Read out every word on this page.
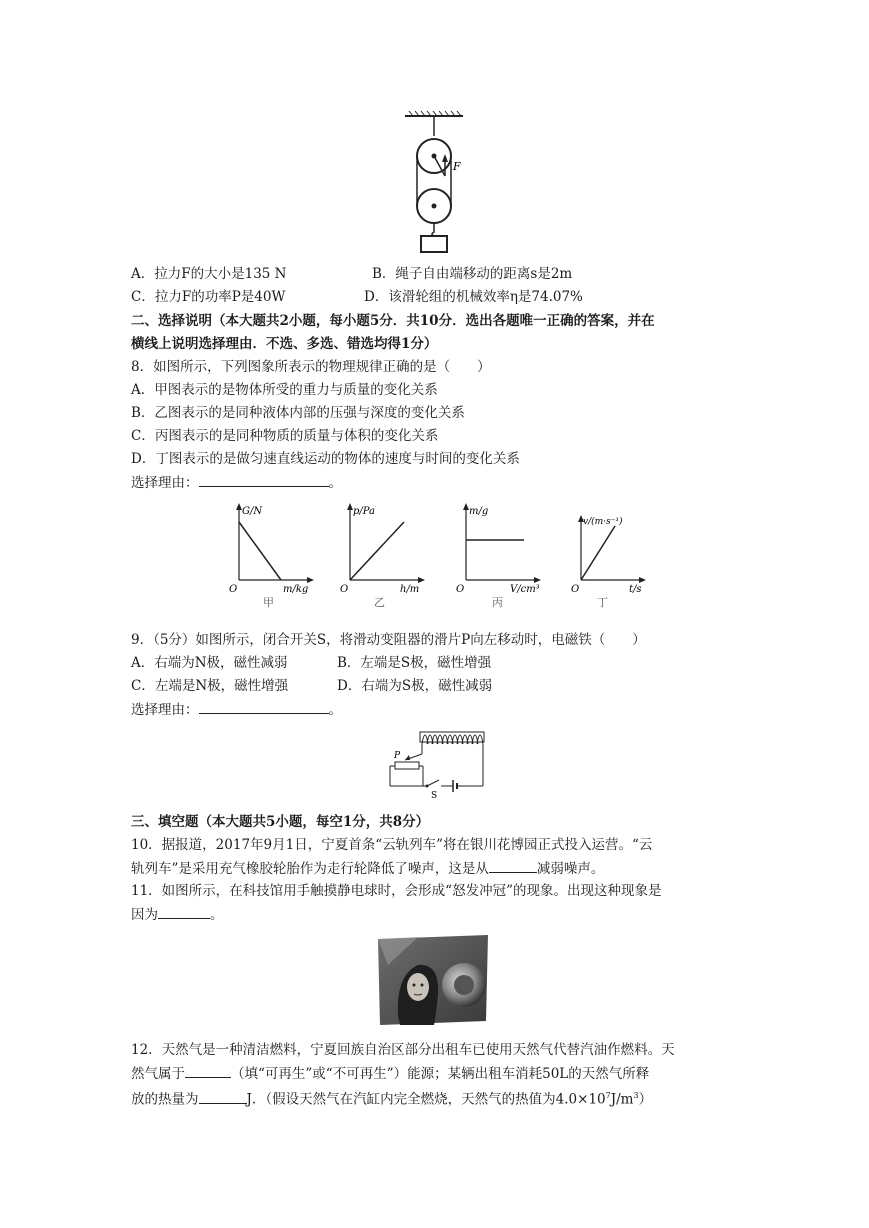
F
A．拉力F的大小是135 N	B．绳子自由端移动的距离s是2m
C．拉力F的功率P是40W	D．该滑轮组的机械效率η是74.07%
二、选择说明（本大题共2小题，每小题5分．共10分．选出各题唯一正确的答案，并在
横线上说明选择理由．不选、多选、错选均得1分）
8．如图所示，下列图象所表示的物理规律正确的是（　　）
A．甲图表示的是物体所受的重力与质量的变化关系
B．乙图表示的是同种液体内部的压强与深度的变化关系
C．丙图表示的是同种物质的质量与体积的变化关系
D．丁图表示的是做匀速直线运动的物体的速度与时间的变化关系
选择理由：	。
G/N
O	m/kg
甲
p/Pa
O	h/m
乙
m/g
O	V/cm³
丙
v/(m·s⁻¹)
O	t/s
丁
9．（5分）如图所示，闭合开关S，将滑动变阻器的滑片P向左移动时，电磁铁（　　）
A．右端为N极，磁性减弱	B．左端是S极，磁性增强
C．左端是N极，磁性增强	D．右端为S极，磁性减弱
选择理由：	。
P
S
三、填空题（本大题共5小题，每空1分，共8分）
10．据报道，2017年9月1日，宁夏首条“云轨列车”将在银川花博园正式投入运营。“云
轨列车”是采用充气橡胶轮胎作为走行轮降低了噪声，这是从	减弱噪声。
11．如图所示，在科技馆用手触摸静电球时，会形成“怒发冲冠”的现象。出现这种现象是
因为	。
12．天然气是一种清洁燃料，宁夏回族自治区部分出租车已使用天然气代替汽油作燃料。天
然气属于	（填“可再生”或“不可再生”）能源；某辆出租车消耗50L的天然气所释
放的热量为	J．（假设天然气在汽缸内完全燃烧，天然气的热值为$4.0\times 10^7J/m^3$）
